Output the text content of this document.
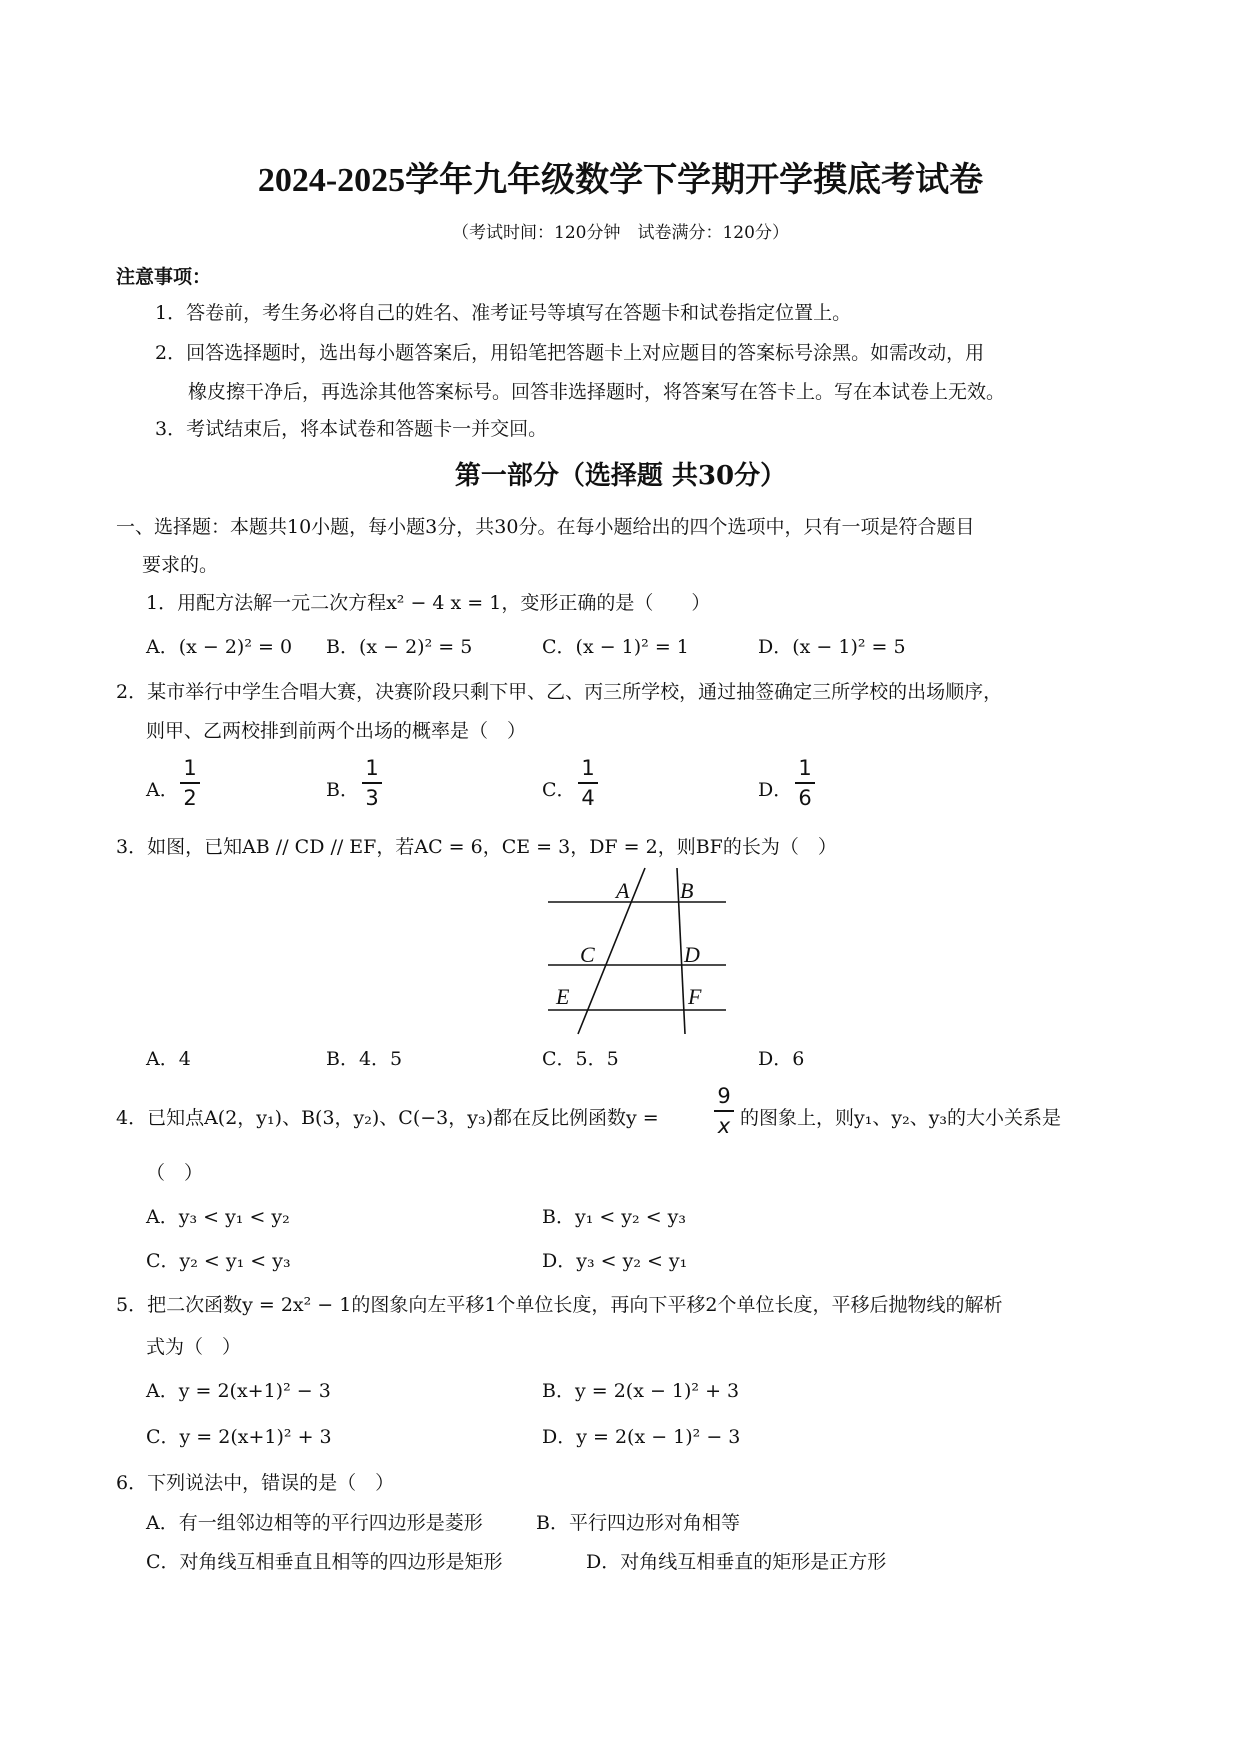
2024-2025学年九年级数学下学期开学摸底考试卷
（考试时间：120分钟　试卷满分：120分）
注意事项：
1．答卷前，考生务必将自己的姓名、准考证号等填写在答题卡和试卷指定位置上。
2．回答选择题时，选出每小题答案后，用铅笔把答题卡上对应题目的答案标号涂黑。如需改动，用
橡皮擦干净后，再选涂其他答案标号。回答非选择题时，将答案写在答卡上。写在本试卷上无效。
3．考试结束后，将本试卷和答题卡一并交回。
第一部分（选择题 共30分）
一、选择题：本题共10小题，每小题3分，共30分。在每小题给出的四个选项中，只有一项是符合题目
要求的。
1．用配方法解一元二次方程x² − 4 x = 1，变形正确的是（　　）
A．(x − 2)² = 0 B．(x − 2)² = 5	C．(x − 1)² = 1	D．(x − 1)² = 5
2．某市举行中学生合唱大赛，决赛阶段只剩下甲、乙、丙三所学校，通过抽签确定三所学校的出场顺序，
则甲、乙两校排到前两个出场的概率是（　）
A．
1
2	B．
1
3	C．
1
4	D．
1
6
3．如图，已知AB // CD // EF，若AC = 6，CE = 3，DF = 2，则BF的长为（　）
A B
C	D
E	F
A．4	B．4．5	C．5．5	D．6
4．已知点A(2，y₁)、B(3，y₂)、C(−3，y₃)都在反比例函数y =
9
x 的图象上，则y₁、y₂、y₃的大小关系是
（　）
A．y₃ < y₁ < y₂	B．y₁ < y₂ < y₃
C．y₂ < y₁ < y₃	D．y₃ < y₂ < y₁
5．把二次函数y = 2x² − 1的图象向左平移1个单位长度，再向下平移2个单位长度，平移后抛物线的解析
式为（　）
A．y = 2(x+1)² − 3	B．y = 2(x − 1)² + 3
C．y = 2(x+1)² + 3	D．y = 2(x − 1)² − 3
6．下列说法中，错误的是（　）
A．有一组邻边相等的平行四边形是菱形	B．平行四边形对角相等
C．对角线互相垂直且相等的四边形是矩形	D．对角线互相垂直的矩形是正方形
